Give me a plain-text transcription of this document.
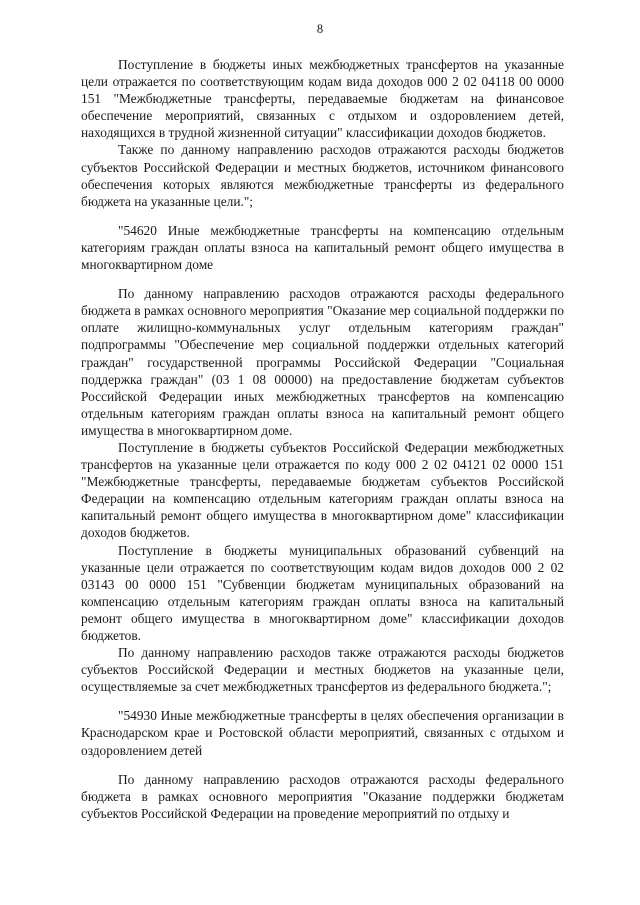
8

Поступление в бюджеты иных межбюджетных трансфертов на указанные цели отражается по соответствующим кодам вида доходов 000 2 02 04118 00 0000 151 "Межбюджетные трансферты, передаваемые бюджетам на финансовое обеспечение мероприятий, связанных с отдыхом и оздоровлением детей, находящихся в трудной жизненной ситуации" классификации доходов бюджетов.

Также по данному направлению расходов отражаются расходы бюджетов субъектов Российской Федерации и местных бюджетов, источником финансового обеспечения которых являются межбюджетные трансферты из федерального бюджета на указанные цели.";

"54620 Иные межбюджетные трансферты на компенсацию отдельным категориям граждан оплаты взноса на капитальный ремонт общего имущества в многоквартирном доме

По данному направлению расходов отражаются расходы федерального бюджета в рамках основного мероприятия "Оказание мер социальной поддержки по оплате жилищно-коммунальных услуг отдельным категориям граждан" подпрограммы "Обеспечение мер социальной поддержки отдельных категорий граждан" государственной программы Российской Федерации "Социальная поддержка граждан" (03 1 08 00000) на предоставление бюджетам субъектов Российской Федерации иных межбюджетных трансфертов на компенсацию отдельным категориям граждан оплаты взноса на капитальный ремонт общего имущества в многоквартирном доме.

Поступление в бюджеты субъектов Российской Федерации межбюджетных трансфертов на указанные цели отражается по коду 000 2 02 04121 02 0000 151 "Межбюджетные трансферты, передаваемые бюджетам субъектов Российской Федерации на компенсацию отдельным категориям граждан оплаты взноса на капитальный ремонт общего имущества в многоквартирном доме" классификации доходов бюджетов.

Поступление в бюджеты муниципальных образований субвенций на указанные цели отражается по соответствующим кодам видов доходов 000 2 02 03143 00 0000 151 "Субвенции бюджетам муниципальных образований на компенсацию отдельным категориям граждан оплаты взноса на капитальный ремонт общего имущества в многоквартирном доме" классификации доходов бюджетов.

По данному направлению расходов также отражаются расходы бюджетов субъектов Российской Федерации и местных бюджетов на указанные цели, осуществляемые за счет межбюджетных трансфертов из федерального бюджета.";

"54930 Иные межбюджетные трансферты в целях обеспечения организации в Краснодарском крае и Ростовской области мероприятий, связанных с отдыхом и оздоровлением детей

По данному направлению расходов отражаются расходы федерального бюджета в рамках основного мероприятия "Оказание поддержки бюджетам субъектов Российской Федерации на проведение мероприятий по отдыху и
